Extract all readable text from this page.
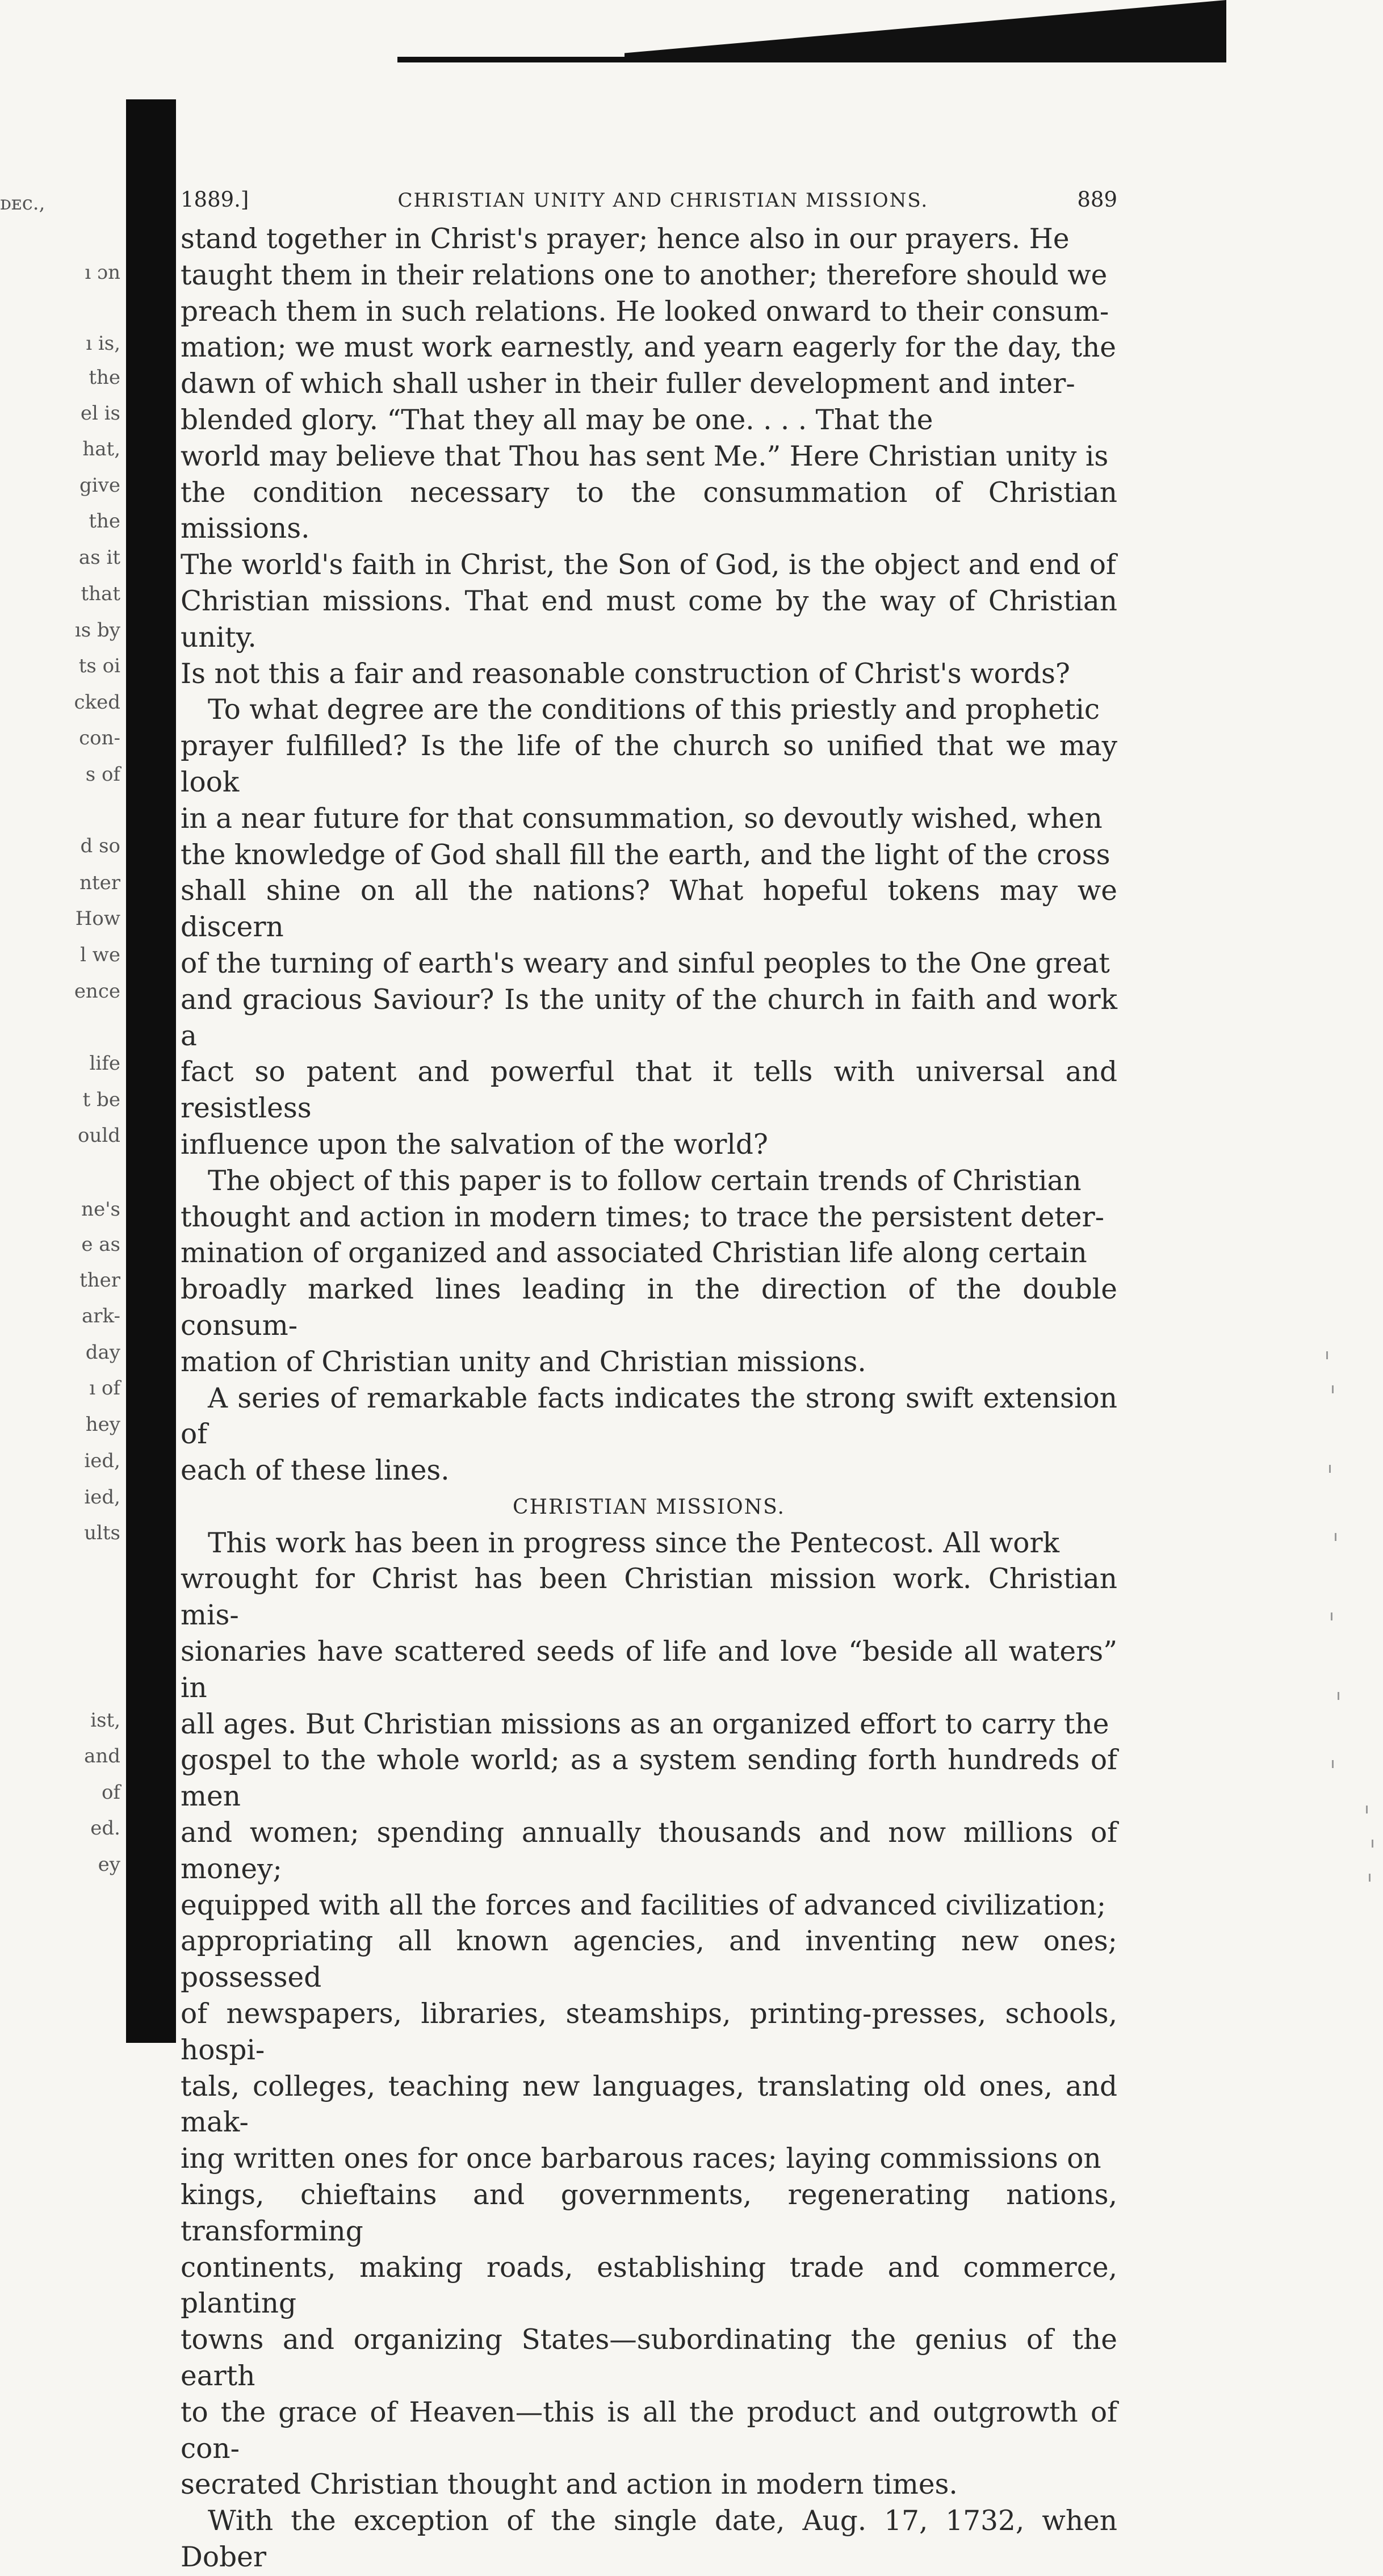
ᴅᴇc.,
ı ɔn
ı is,
the
el is
hat,
give
the
as it
that
ıs by
ts oi
cked
con-
s of
d so
nter
How
l we
ence
life
t be
ould
ne's
e as
ther
ark-
day
ı of
hey
ied,
ied,
ults
ist,
and
of
ed.
ey
1889.]	CHRISTIAN UNITY AND CHRISTIAN MISSIONS.	889

stand together in Christ's prayer; hence also in our prayers. He

taught them in their relations one to another; therefore should we

preach them in such relations. He looked onward to their consum-

mation; we must work earnestly, and yearn eagerly for the day, the

dawn of which shall usher in their fuller development and inter-

blended glory. “That they all may be one. . . . That the

world may believe that Thou has sent Me.” Here Christian unity is

the condition necessary to the consummation of Christian missions.

The world's faith in Christ, the Son of God, is the object and end of

Christian missions. That end must come by the way of Christian unity.

Is not this a fair and reasonable construction of Christ's words?

To what degree are the conditions of this priestly and prophetic

prayer fulfilled? Is the life of the church so unified that we may look

in a near future for that consummation, so devoutly wished, when

the knowledge of God shall fill the earth, and the light of the cross

shall shine on all the nations? What hopeful tokens may we discern

of the turning of earth's weary and sinful peoples to the One great

and gracious Saviour? Is the unity of the church in faith and work a

fact so patent and powerful that it tells with universal and resistless

influence upon the salvation of the world?

The object of this paper is to follow certain trends of Christian

thought and action in modern times; to trace the persistent deter-

mination of organized and associated Christian life along certain

broadly marked lines leading in the direction of the double consum-

mation of Christian unity and Christian missions.

A series of remarkable facts indicates the strong swift extension of

each of these lines.

CHRISTIAN MISSIONS.

This work has been in progress since the Pentecost. All work

wrought for Christ has been Christian mission work. Christian mis-

sionaries have scattered seeds of life and love “beside all waters” in

all ages. But Christian missions as an organized effort to carry the

gospel to the whole world; as a system sending forth hundreds of men

and women; spending annually thousands and now millions of money;

equipped with all the forces and facilities of advanced civilization;

appropriating all known agencies, and inventing new ones; possessed

of newspapers, libraries, steamships, printing-presses, schools, hospi-

tals, colleges, teaching new languages, translating old ones, and mak-

ing written ones for once barbarous races; laying commissions on

kings, chieftains and governments, regenerating nations, transforming

continents, making roads, establishing trade and commerce, planting

towns and organizing States—subordinating the genius of the earth

to the grace of Heaven—this is all the product and outgrowth of con-

secrated Christian thought and action in modern times.

With the exception of the single date, Aug. 17, 1732, when Dober
